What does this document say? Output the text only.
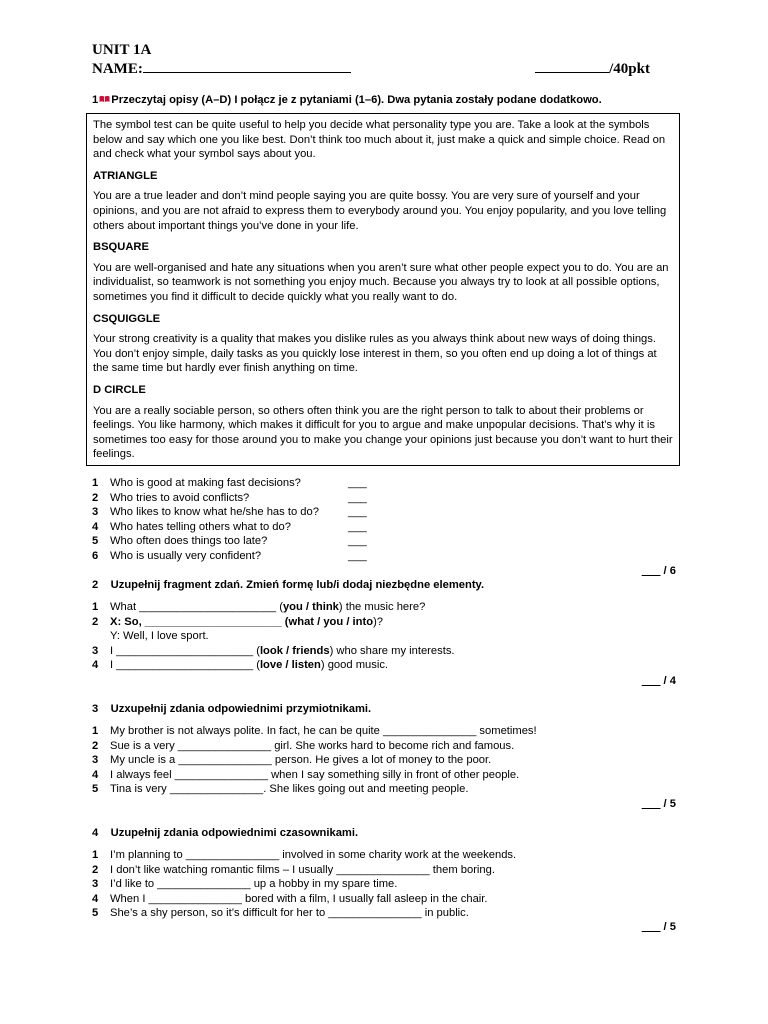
UNIT 1A
NAME:	/40pkt
1 Przeczytaj opisy (A–D) I połącz je z pytaniami (1–6). Dwa pytania zostały podane dodatkowo.

The symbol test can be quite useful to help you decide what personality type you are. Take a look at the symbols below and say which one you like best. Don’t think too much about it, just make a quick and simple choice. Read on and check what your symbol says about you.

ATRIANGLE

You are a true leader and don’t mind people saying you are quite bossy. You are very sure of yourself and your opinions, and you are not afraid to express them to everybody around you. You enjoy popularity, and you love telling others about important things you’ve done in your life.

BSQUARE

You are well-organised and hate any situations when you aren’t sure what other people expect you to do. You are an individualist, so teamwork is not something you enjoy much. Because you always try to look at all possible options, sometimes you find it difficult to decide quickly what you really want to do.

CSQUIGGLE

Your strong creativity is a quality that makes you dislike rules as you always think about new ways of doing things. You don’t enjoy simple, daily tasks as you quickly lose interest in them, so you often end up doing a lot of things at the same time but hardly ever finish anything on time.

D CIRCLE

You are a really sociable person, so others often think you are the right person to talk to about their problems or feelings. You like harmony, which makes it difficult for you to argue and make unpopular decisions. That’s why it is sometimes too easy for those around you to make you change your opinions just because you don’t want to hurt their feelings.

1 Who is good at making fast decisions?	___
2 Who tries to avoid conflicts?	___
3 Who likes to know what he/she has to do?	___
4 Who hates telling others what to do?	___
5 Who often does things too late?	___
6 Who is usually very confident?	___
___ / 6
2 Uzupełnij fragment zdań. Zmień formę lub/i dodaj niezbędne elementy.
1 What ______________________ (you / think) the music here?
2 X: So, ______________________ (what / you / into)?
Y: Well, I love sport.
3 I ______________________ (look / friends) who share my interests.
4 I ______________________ (love / listen) good music.
___ / 4
3 Uzxupełnij zdania odpowiednimi przymiotnikami.
1 My brother is not always polite. In fact, he can be quite _______________ sometimes!
2 Sue is a very _______________ girl. She works hard to become rich and famous.
3 My uncle is a _______________ person. He gives a lot of money to the poor.
4 I always feel _______________ when I say something silly in front of other people.
5 Tina is very _______________. She likes going out and meeting people.
___ / 5
4 Uzupełnij zdania odpowiednimi czasownikami.
1 I’m planning to _______________ involved in some charity work at the weekends.
2 I don’t like watching romantic films – I usually _______________ them boring.
3 I’d like to _______________ up a hobby in my spare time.
4 When I _______________ bored with a film, I usually fall asleep in the chair.
5 She’s a shy person, so it’s difficult for her to _______________ in public.
___ / 5
